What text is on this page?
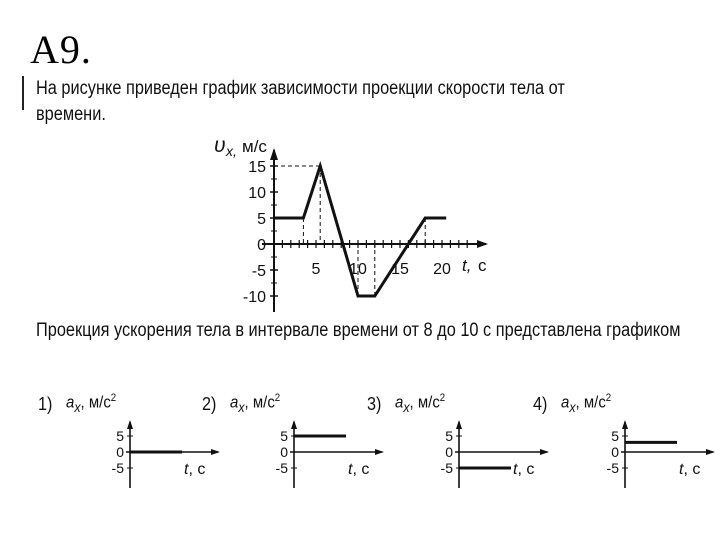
A9.
На рисунке приведен график зависимости проекции скорости тела от времени.
υ x, м/с
t, с
15
10
5
0
-5
-10
5 10 15 20
Проекция ускорения тела в интервале времени от 8 до 10 с представлена графиком
1) $a_x$, $м/с^2$
5
0
-5	t, с
2) $a_x$, $м/с^2$
5
0
-5	t, с
3) $a_x$, $м/с^2$
5
0
-5	t, с
4) $a_x$, $м/с^2$
5
0
-5	t, с
